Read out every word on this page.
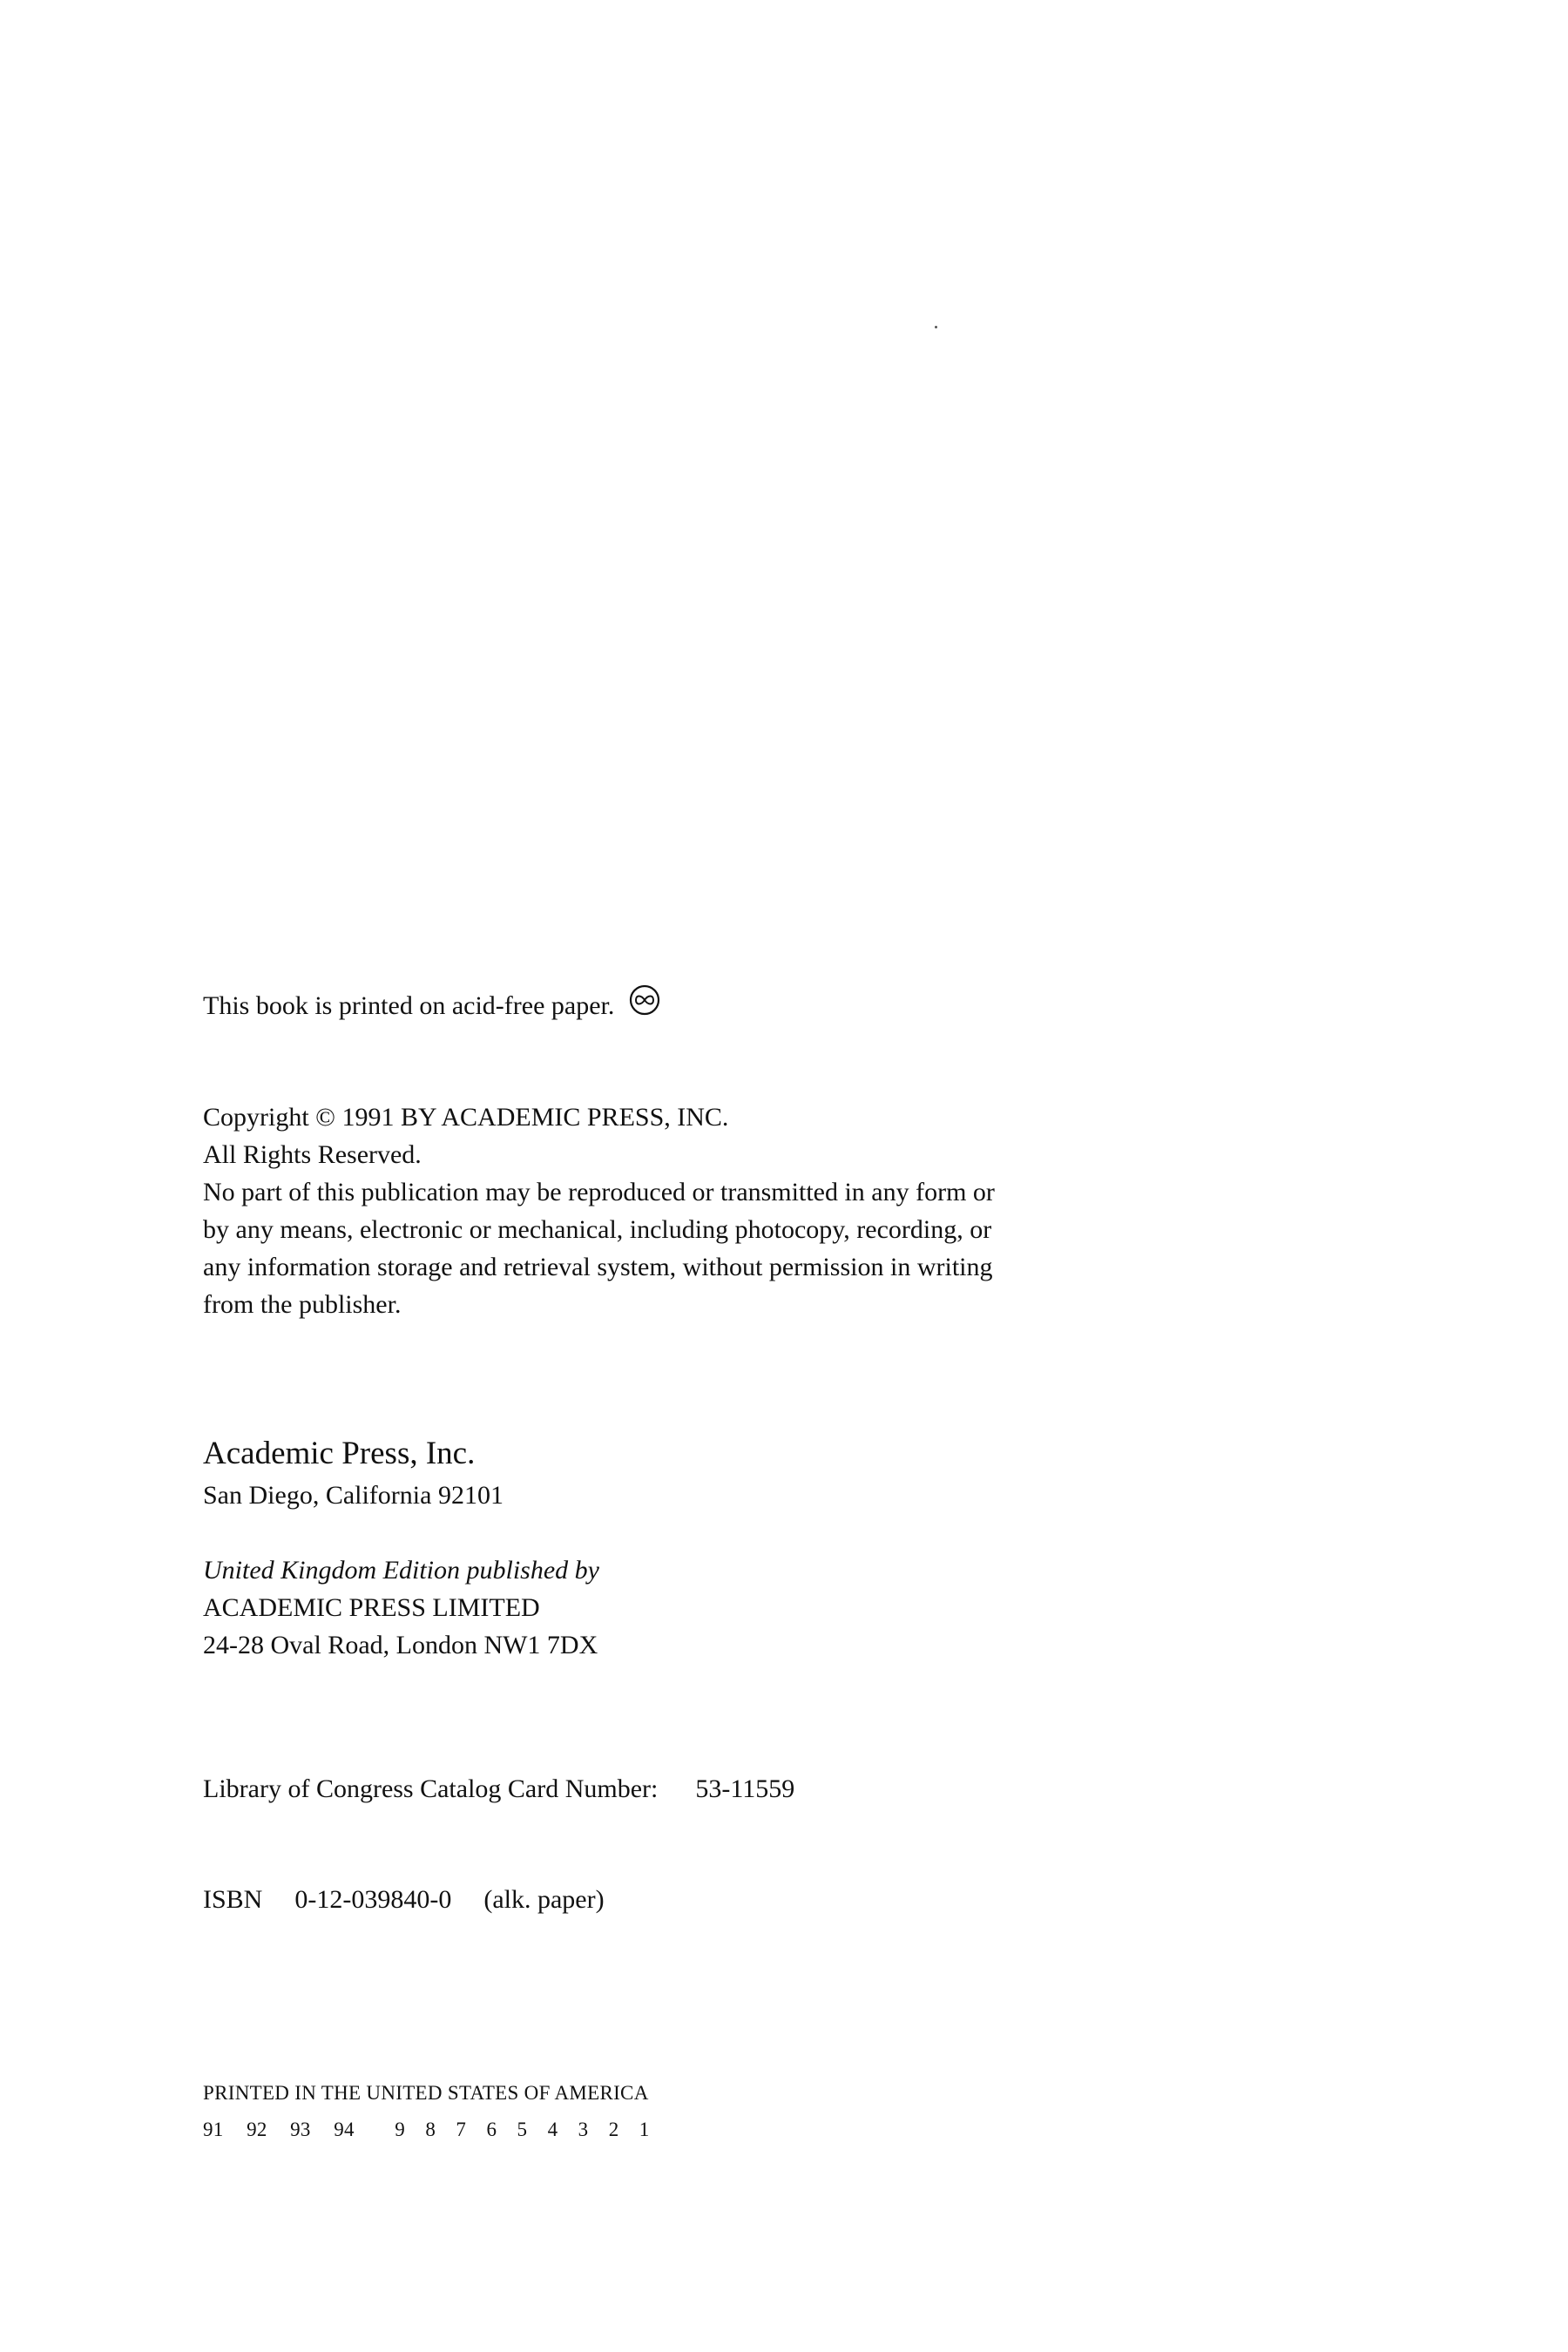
This book is printed on acid-free paper.
Copyright © 1991 BY ACADEMIC PRESS, INC.
All Rights Reserved.
No part of this publication may be reproduced or transmitted in any form or
by any means, electronic or mechanical, including photocopy, recording, or
any information storage and retrieval system, without permission in writing
from the publisher.
Academic Press, Inc.
San Diego, California 92101
United Kingdom Edition published by
ACADEMIC PRESS LIMITED
24-28 Oval Road, London NW1 7DX
Library of Congress Catalog Card Number: 53-11559
ISBN 0-12-039840-0 (alk. paper)
PRINTED IN THE UNITED STATES OF AMERICA
91 92 93 94 9 8 7 6 5 4 3 2 1
